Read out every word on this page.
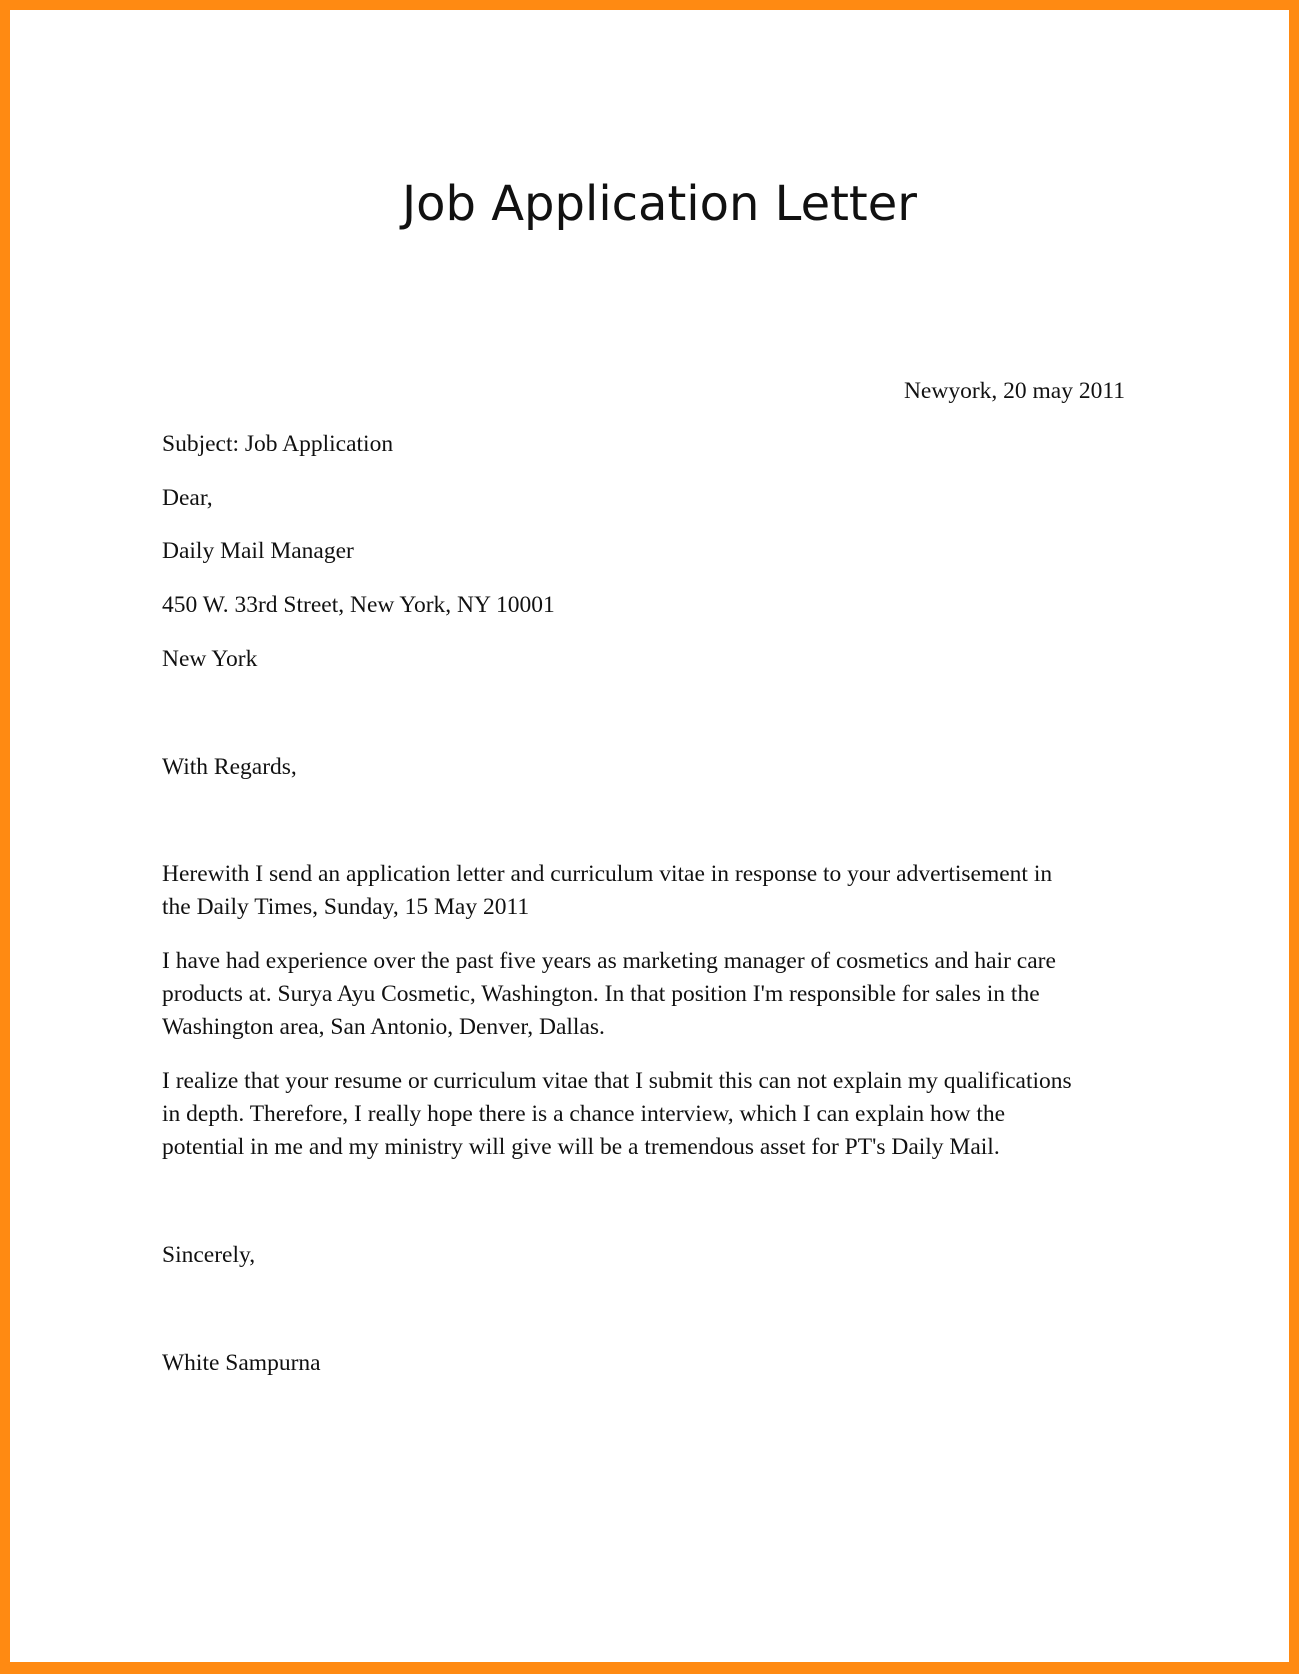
Job Application Letter
Newyork, 20 may 2011
Subject: Job Application
Dear,
Daily Mail Manager
450 W. 33rd Street, New York, NY 10001
New York
With Regards,
Herewith I send an application letter and curriculum vitae in response to your advertisement in
the Daily Times, Sunday, 15 May 2011
I have had experience over the past five years as marketing manager of cosmetics and hair care
products at. Surya Ayu Cosmetic, Washington. In that position I'm responsible for sales in the
Washington area, San Antonio, Denver, Dallas.
I realize that your resume or curriculum vitae that I submit this can not explain my qualifications
in depth. Therefore, I really hope there is a chance interview, which I can explain how the
potential in me and my ministry will give will be a tremendous asset for PT's Daily Mail.
Sincerely,
White Sampurna
